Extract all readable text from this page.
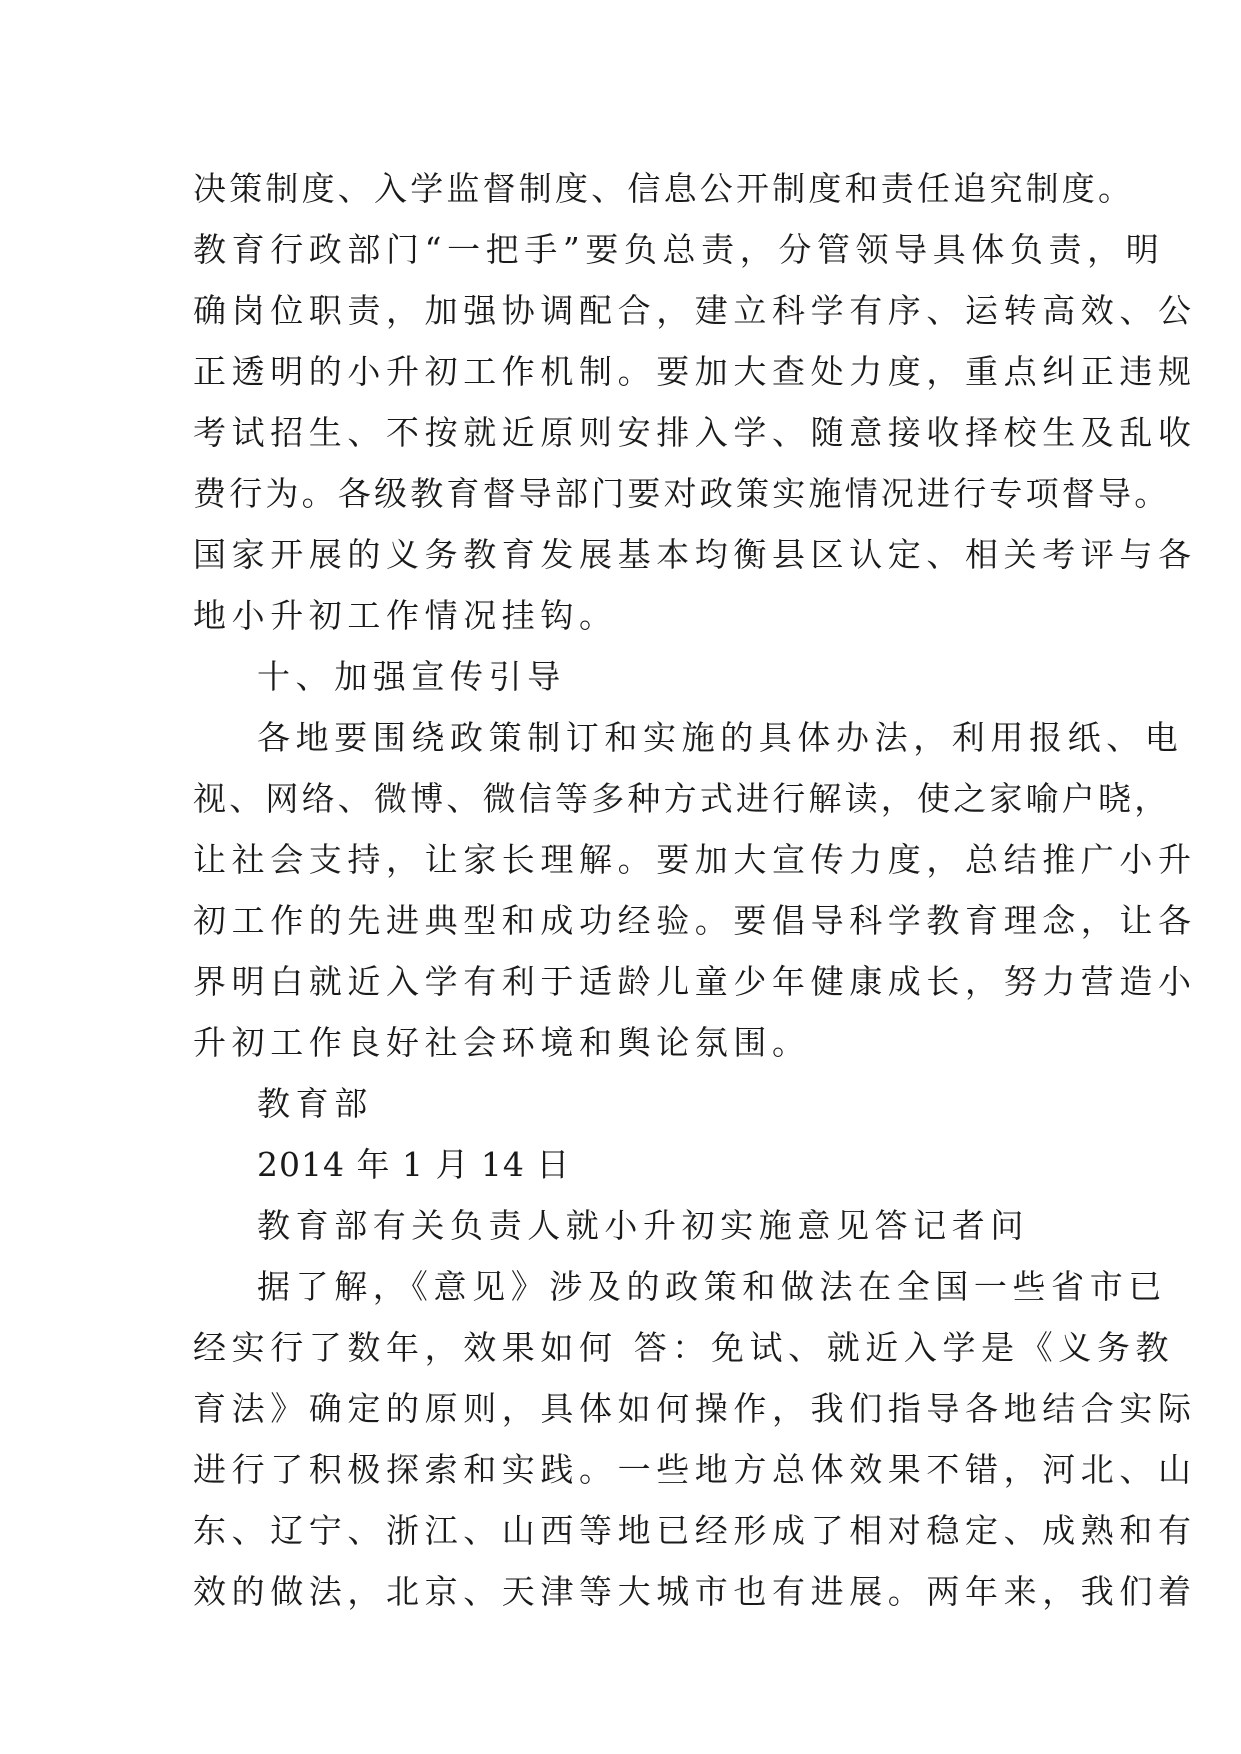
决策制度、入学监督制度、信息公开制度和责任追究制度。
教育行政部门“一把手”要负总责，分管领导具体负责，明
确岗位职责，加强协调配合，建立科学有序、运转高效、公
正透明的小升初工作机制。要加大查处力度，重点纠正违规
考试招生、不按就近原则安排入学、随意接收择校生及乱收
费行为。各级教育督导部门要对政策实施情况进行专项督导。
国家开展的义务教育发展基本均衡县区认定、相关考评与各
地小升初工作情况挂钩。
十、加强宣传引导
各地要围绕政策制订和实施的具体办法，利用报纸、电
视、网络、微博、微信等多种方式进行解读，使之家喻户晓，
让社会支持，让家长理解。要加大宣传力度，总结推广小升
初工作的先进典型和成功经验。要倡导科学教育理念，让各
界明白就近入学有利于适龄儿童少年健康成长，努力营造小
升初工作良好社会环境和舆论氛围。
教育部
2014 年 1 月 14 日
教育部有关负责人就小升初实施意见答记者问
据了解，《意见》涉及的政策和做法在全国一些省市已
经实行了数年，效果如何 答：免试、就近入学是《义务教
育法》确定的原则，具体如何操作，我们指导各地结合实际
进行了积极探索和实践。一些地方总体效果不错，河北、山
东、辽宁、浙江、山西等地已经形成了相对稳定、成熟和有
效的做法，北京、天津等大城市也有进展。两年来，我们着
